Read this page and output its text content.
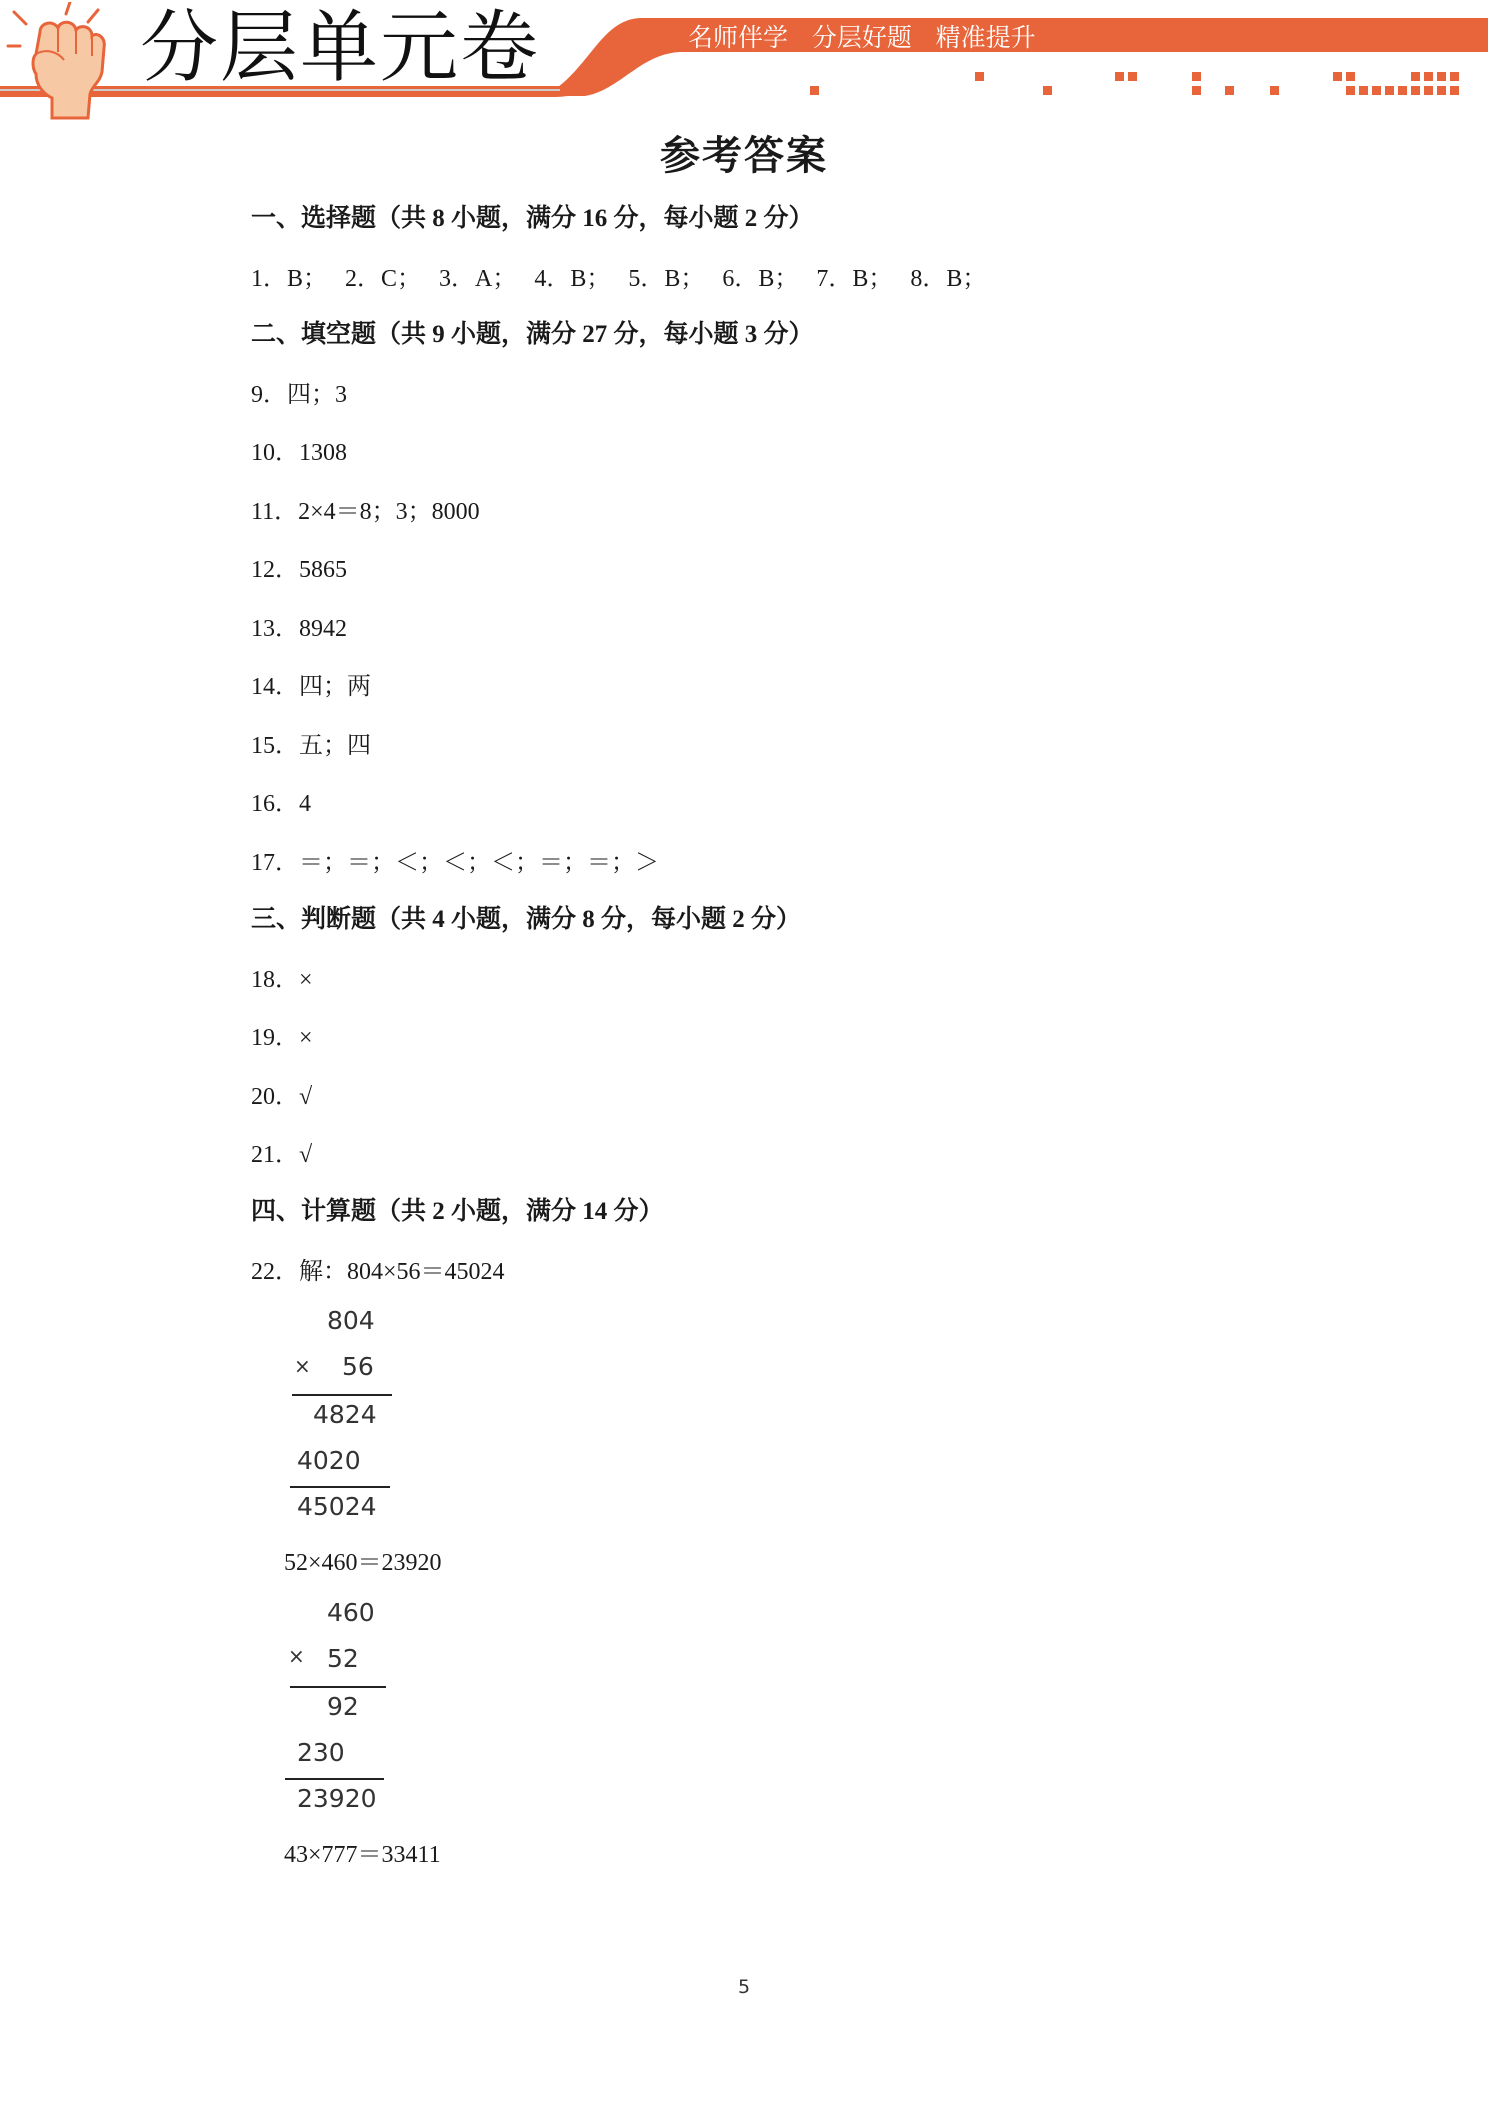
分层单元卷	名师伴学   分层好题   精准提升
参考答案
一、选择题（共 8 小题，满分 16 分，每小题 2 分）
1．B；   2．C；   3．A；   4．B；   5．B；   6．B；   7．B；   8．B；
二、填空题（共 9 小题，满分 27 分，每小题 3 分）
9．四；3
10．1308
11．2×4＝8；3；8000
12．5865
13．8942
14．四；两
15．五；四
16．4
17．＝；＝；＜；＜；＜；＝；＝；＞
三、判断题（共 4 小题，满分 8 分，每小题 2 分）
18．×
19．×
20．√
21．√
四、计算题（共 2 小题，满分 14 分）
22．解：804×56＝45024
804
× 56
4824
4020
45024
52×460＝23920
460
× 52
92
230
23920
43×777＝33411
5
